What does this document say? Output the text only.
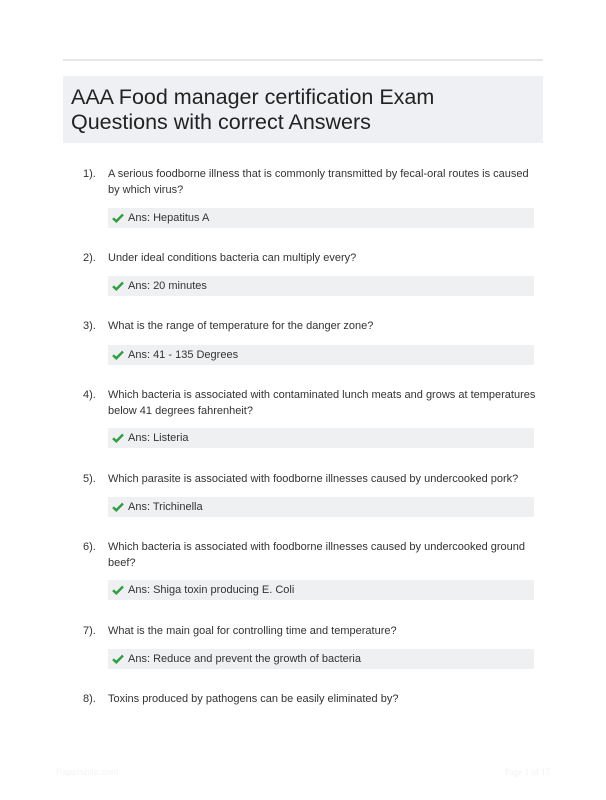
AAA Food manager certification Exam Questions with correct Answers
1). A serious foodborne illness that is commonly transmitted by fecal-oral routes is caused by which virus?
Ans: Hepatitus A
2). Under ideal conditions bacteria can multiply every?
Ans: 20 minutes
3). What is the range of temperature for the danger zone?
Ans: 41 - 135 Degrees
4). Which bacteria is associated with contaminated lunch meats and grows at temperatures below 41 degrees fahrenheit?
Ans: Listeria
5). Which parasite is associated with foodborne illnesses caused by undercooked pork?
Ans: Trichinella
6). Which bacteria is associated with foodborne illnesses caused by undercooked ground beef?
Ans: Shiga toxin producing E. Coli
7). What is the main goal for controlling time and temperature?
Ans: Reduce and prevent the growth of bacteria
8). Toxins produced by pathogens can be easily eliminated by?
Papersbite.com	Page 1 of 17
